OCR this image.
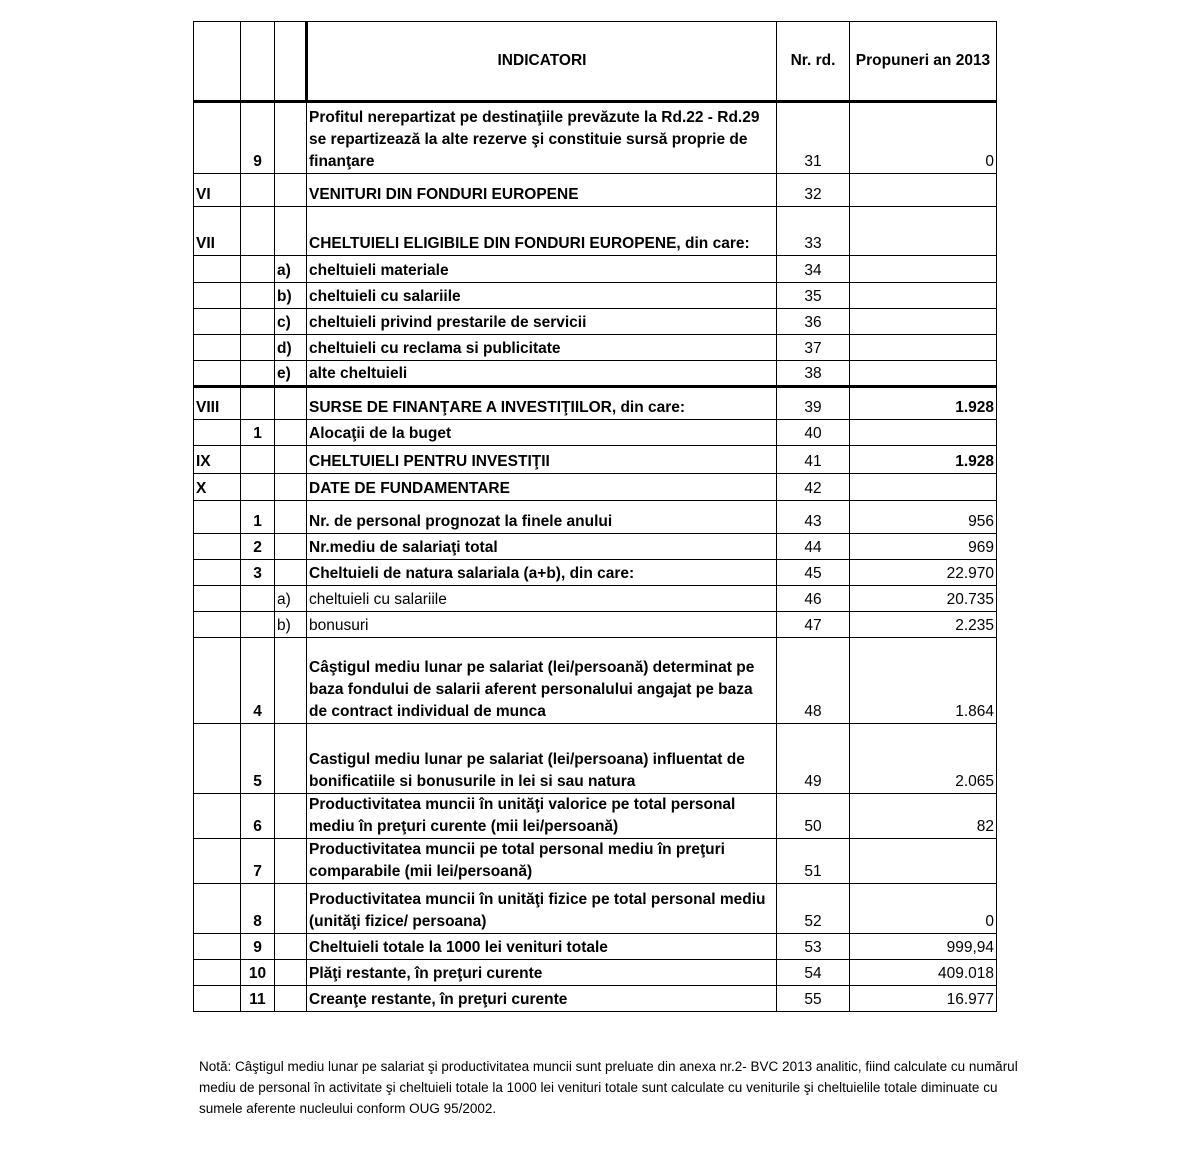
			INDICATORI	Nr. rd.	Propuneri an 2013
	9		Profitul nerepartizat pe destinaţiile prevăzute la Rd.22 - Rd.29 se repartizează la alte rezerve şi constituie sursă proprie de finanţare	31	0
VI			VENITURI DIN FONDURI EUROPENE	32	
VII			CHELTUIELI ELIGIBILE DIN FONDURI EUROPENE, din care:	33	
		a)	cheltuieli materiale	34	
		b)	cheltuieli cu salariile	35	
		c)	cheltuieli privind prestarile de servicii	36	
		d)	cheltuieli cu reclama si publicitate	37	
		e)	alte cheltuieli	38	
VIII			SURSE DE FINANŢARE A INVESTIŢIILOR, din care:	39	1.928
	1		Alocaţii de la buget	40	
IX			CHELTUIELI PENTRU INVESTIŢII	41	1.928
X			DATE DE FUNDAMENTARE	42	
	1		Nr. de personal prognozat la finele anului	43	956
	2		Nr.mediu de salariaţi total	44	969
	3		Cheltuieli de natura salariala (a+b), din care:	45	22.970
		a)	cheltuieli cu salariile	46	20.735
		b)	bonusuri	47	2.235
	4		Câştigul mediu lunar pe salariat (lei/persoană) determinat pe baza fondului de salarii aferent personalului angajat pe baza de contract individual de munca	48	1.864
	5		Castigul mediu lunar pe salariat (lei/persoana) influentat de bonificatiile si bonusurile in lei si sau natura	49	2.065
	6		Productivitatea muncii în unităţi valorice pe total personal mediu în preţuri curente (mii lei/persoană)	50	82
	7		Productivitatea muncii pe total personal mediu în preţuri comparabile (mii lei/persoană)	51	
	8		Productivitatea muncii în unităţi fizice pe total personal mediu (unităţi fizice/ persoana)	52	0
	9		Cheltuieli totale la 1000 lei venituri totale	53	999,94
	10		Plăţi restante, în preţuri curente	54	409.018
	11		Creanţe restante, în preţuri curente	55	16.977
Notă: Câştigul mediu lunar pe salariat şi productivitatea muncii sunt preluate din anexa nr.2- BVC 2013 analitic, fiind calculate cu numărul mediu de personal în activitate şi cheltuieli totale la 1000 lei venituri totale sunt calculate cu veniturile şi cheltuielile totale diminuate cu sumele aferente nucleului conform OUG 95/2002.
